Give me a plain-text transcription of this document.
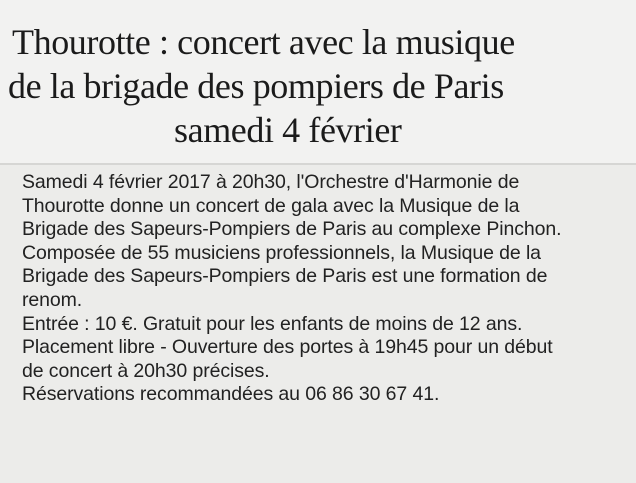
Thourotte : concert avec la musique
de la brigade des pompiers de Paris
samedi 4 février
Samedi 4 février 2017 à 20h30, l'Orchestre d'Harmonie de
Thourotte donne un concert de gala avec la Musique de la
Brigade des Sapeurs-Pompiers de Paris au complexe Pinchon.
Composée de 55 musiciens professionnels, la Musique de la
Brigade des Sapeurs-Pompiers de Paris est une formation de
renom.
Entrée : 10 €. Gratuit pour les enfants de moins de 12 ans.
Placement libre - Ouverture des portes à 19h45 pour un début
de concert à 20h30 précises.
Réservations recommandées au 06 86 30 67 41.
